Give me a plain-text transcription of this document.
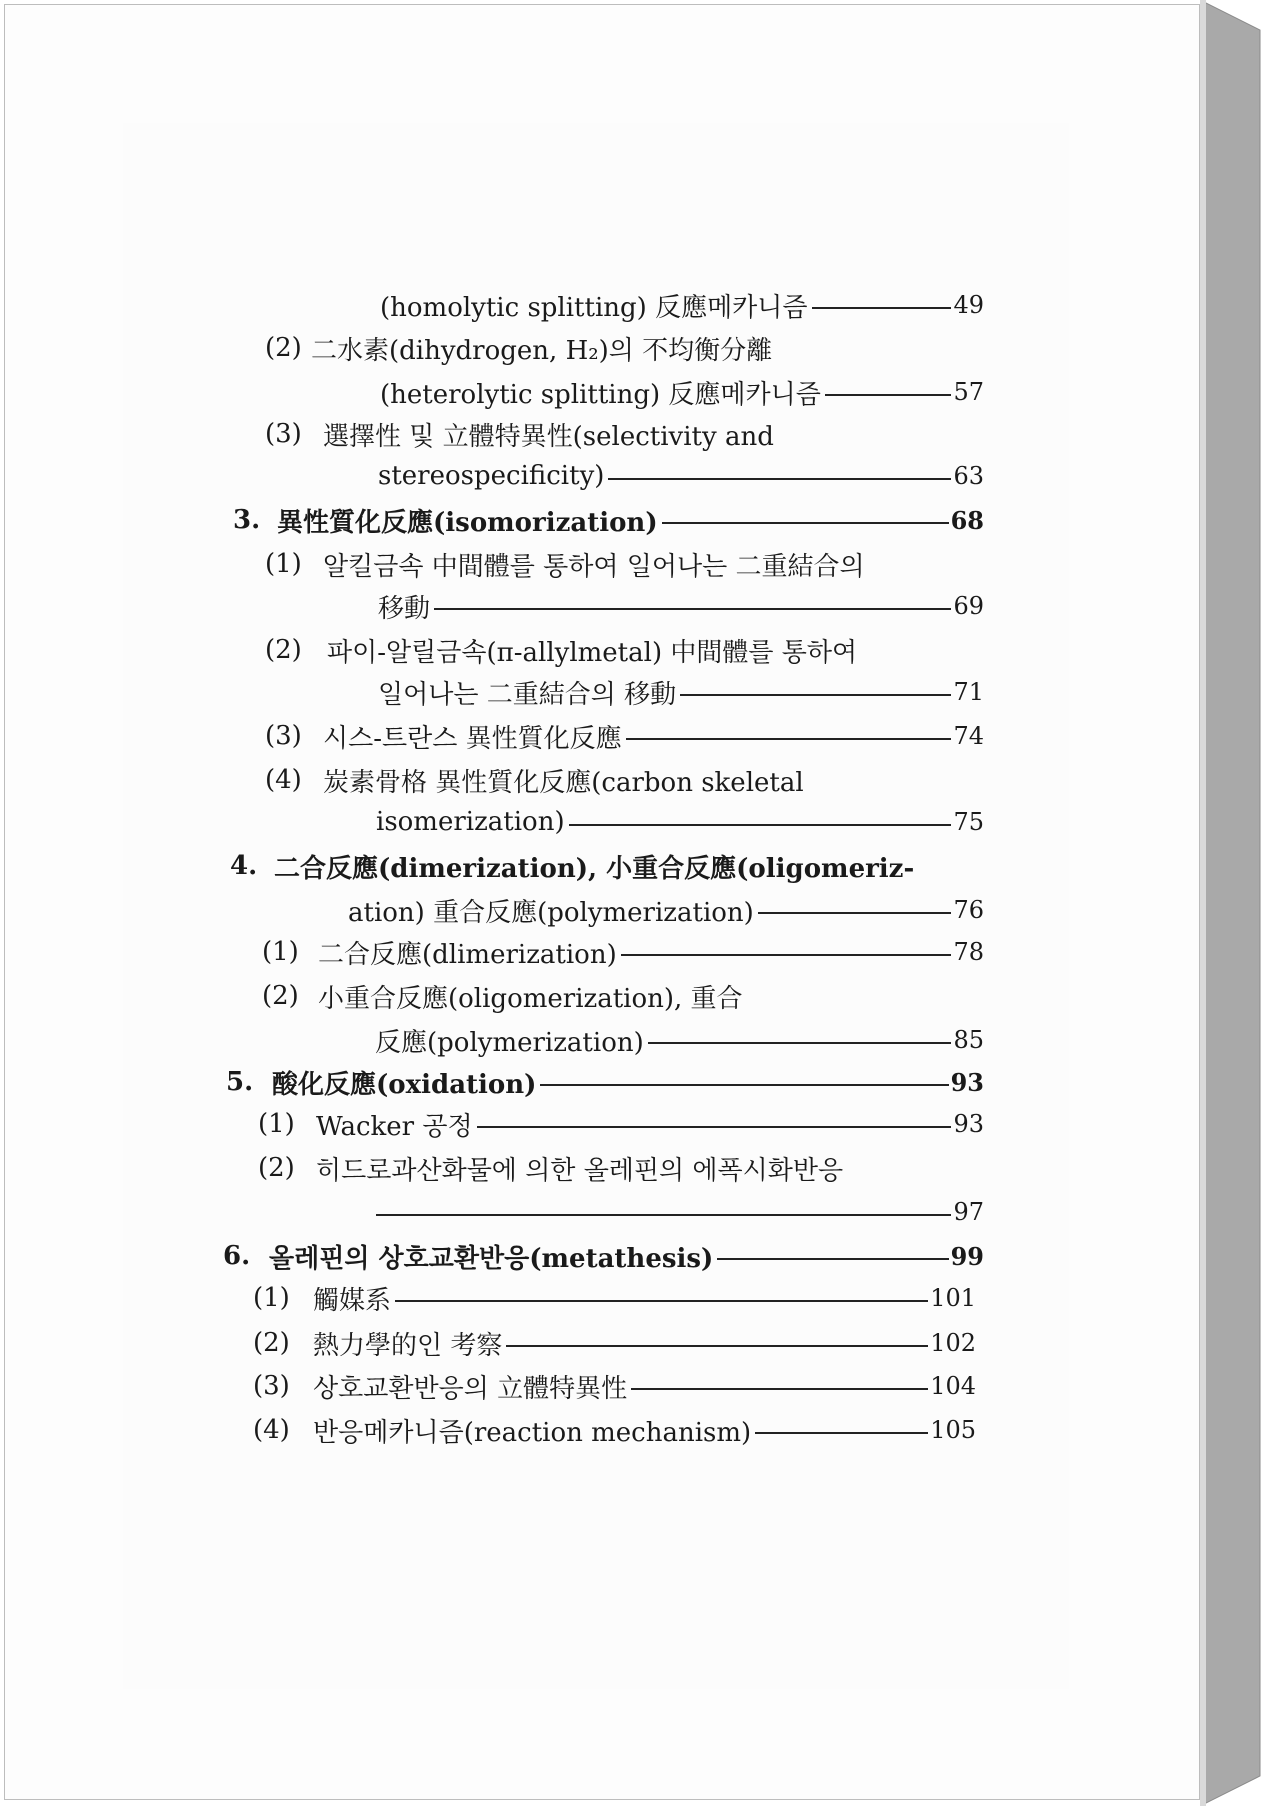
(homolytic splitting) 反應메카니즘	49
(2) 二水素(dihydrogen, H₂)의 不均衡分離
(heterolytic splitting) 反應메카니즘	57
(3) 選擇性 및 立體特異性(selectivity and
stereospecificity)	63
3. 異性質化反應(isomorization)	68
(1) 알킬금속 中間體를 통하여 일어나는 二重結合의
移動	69
(2) 파이-알릴금속(π-allylmetal) 中間體를 통하여
일어나는 二重結合의 移動	71
(3) 시스-트란스 異性質化反應	74
(4) 炭素骨格 異性質化反應(carbon skeletal
isomerization)	75
4. 二合反應(dimerization), 小重合反應(oligomeriz-
ation) 重合反應(polymerization)	76
(1) 二合反應(dlimerization)	78
(2) 小重合反應(oligomerization), 重合
反應(polymerization)	85
5. 酸化反應(oxidation)	93
(1) Wacker 공정	93
(2) 히드로과산화물에 의한 올레핀의 에폭시화반응
97
6. 올레핀의 상호교환반응(metathesis)	99
(1) 觸媒系	101
(2) 熱力學的인 考察	102
(3) 상호교환반응의 立體特異性	104
(4) 반응메카니즘(reaction mechanism)	105
